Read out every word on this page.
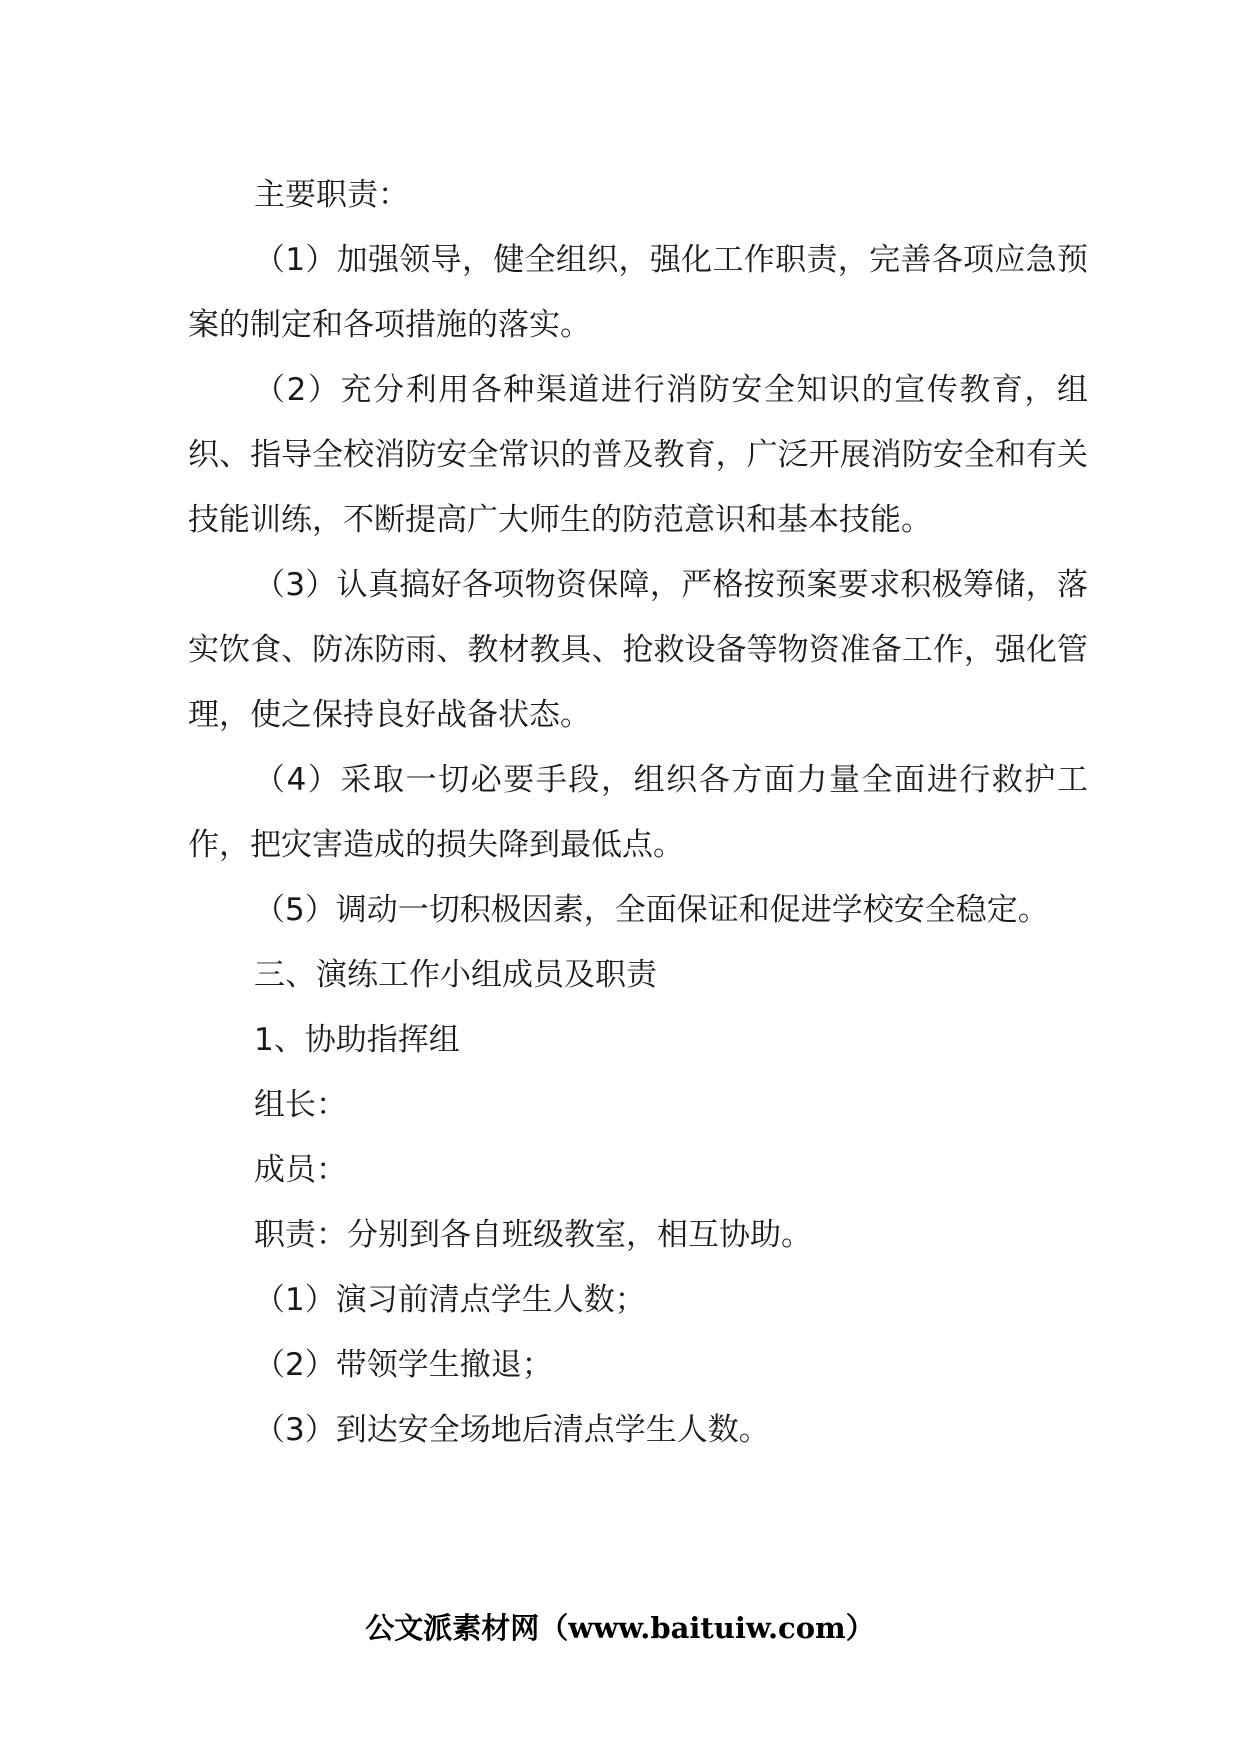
主要职责：

（1）加强领导，健全组织，强化工作职责，完善各项应急预案的制定和各项措施的落实。

（2）充分利用各种渠道进行消防安全知识的宣传教育，组织、指导全校消防安全常识的普及教育，广泛开展消防安全和有关技能训练，不断提高广大师生的防范意识和基本技能。

（3）认真搞好各项物资保障，严格按预案要求积极筹储，落实饮食、防冻防雨、教材教具、抢救设备等物资准备工作，强化管理，使之保持良好战备状态。

（4）采取一切必要手段，组织各方面力量全面进行救护工作，把灾害造成的损失降到最低点。

（5）调动一切积极因素，全面保证和促进学校安全稳定。

三、演练工作小组成员及职责

1、协助指挥组

组长：

成员：

职责：分别到各自班级教室，相互协助。

（1）演习前清点学生人数；

（2）带领学生撤退；

（3）到达安全场地后清点学生人数。

公文派素材网（www.baituiw.com）
